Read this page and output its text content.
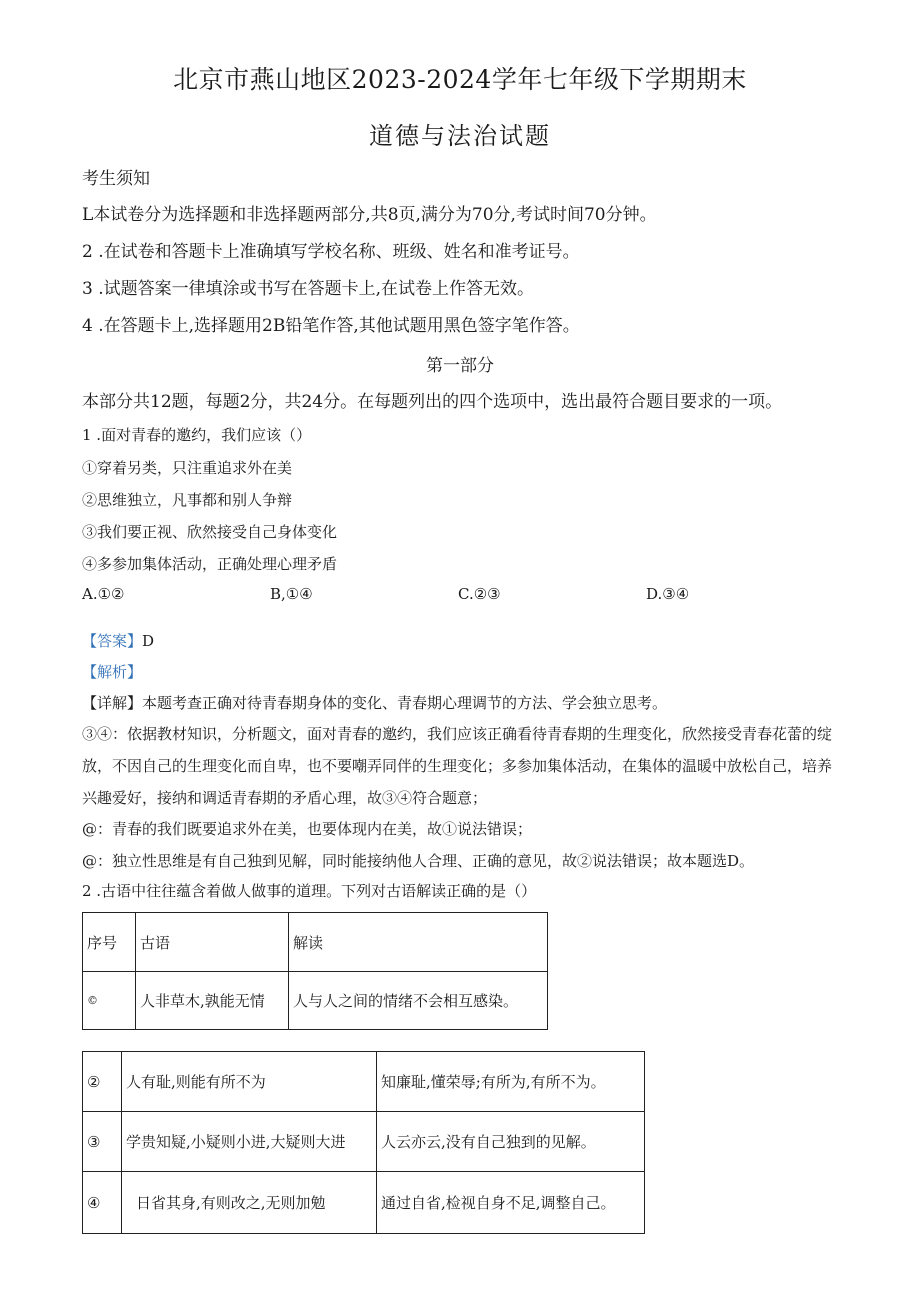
北京市燕山地区2023-2024学年七年级下学期期末
道德与法治试题
考生须知
L本试卷分为选择题和非选择题两部分,共8页,满分为70分,考试时间70分钟。
2 .在试卷和答题卡上准确填写学校名称、班级、姓名和准考证号。
3 .试题答案一律填涂或书写在答题卡上,在试卷上作答无效。
4 .在答题卡上,选择题用2B铅笔作答,其他试题用黑色签字笔作答。
第一部分
本部分共12题，每题2分，共24分。在每题列出的四个选项中，选出最符合题目要求的一项。
1 .面对青春的邀约，我们应该（）
①穿着另类，只注重追求外在美
②思维独立，凡事都和别人争辩
③我们要正视、欣然接受自己身体变化
④多参加集体活动，正确处理心理矛盾
A.①②	B,①④	C.②③	D.③④
【答案】D
【解析】
【详解】本题考查正确对待青春期身体的变化、青春期心理调节的方法、学会独立思考。
③④：依据教材知识，分析题文，面对青春的邀约，我们应该正确看待青春期的生理变化，欣然接受青春花蕾的绽放，不因自己的生理变化而自卑，也不要嘲弄同伴的生理变化；多参加集体活动，在集体的温暖中放松自己，培养兴趣爱好，接纳和调适青春期的矛盾心理，故③④符合题意；
@：青春的我们既要追求外在美，也要体现内在美，故①说法错误；
@：独立性思维是有自己独到见解，同时能接纳他人合理、正确的意见，故②说法错误；故本题选D。
2 .古语中往往蕴含着做人做事的道理。下列对古语解读正确的是（）
序号	古语	解读
©	人非草木,孰能无情	人与人之间的情绪不会相互感染。
②	人有耻,则能有所不为	知廉耻,懂荣辱;有所为,有所不为。
③	学贵知疑,小疑则小进,大疑则大进	人云亦云,没有自己独到的见解。
④	日省其身,有则改之,无则加勉	通过自省,检视自身不足,调整自己。
